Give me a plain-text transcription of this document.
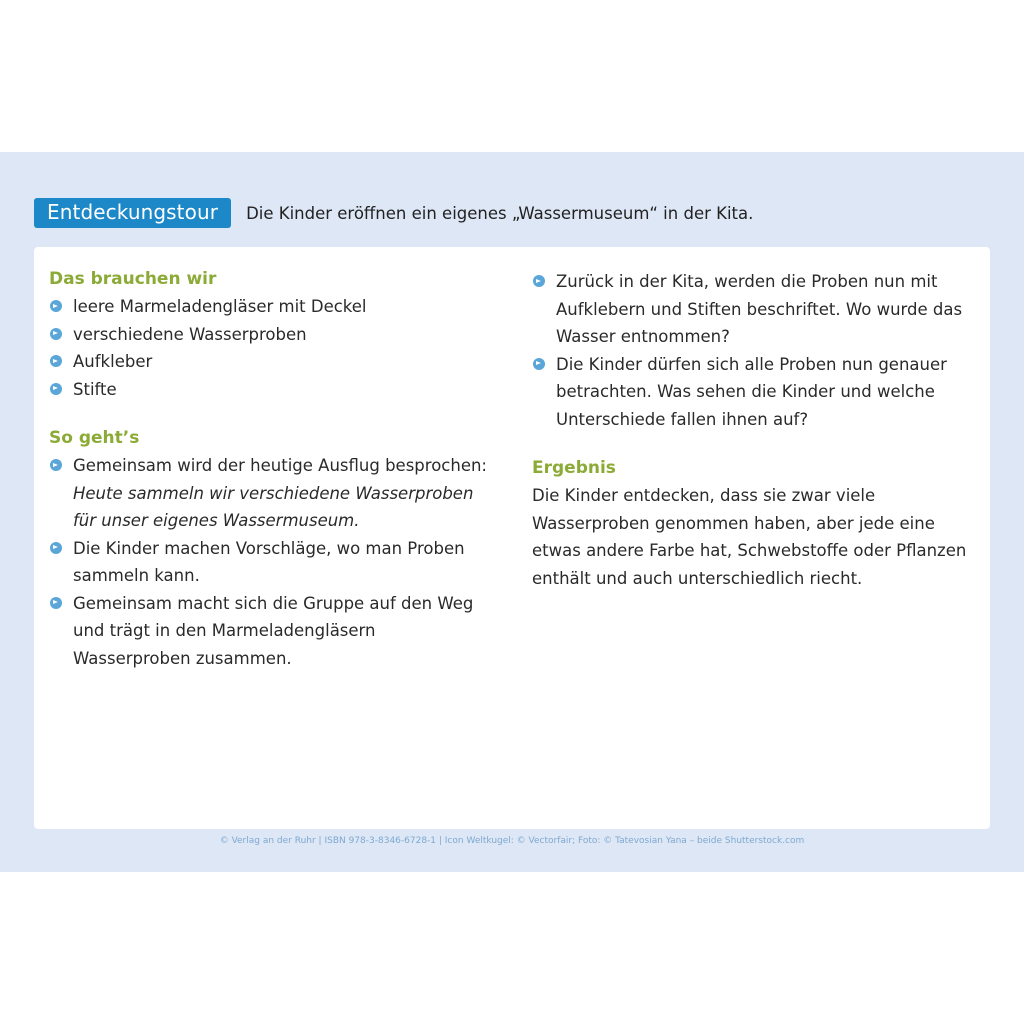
Entdeckungstour	Die Kinder eröffnen ein eigenes „Wassermuseum“ in der Kita.
Das brauchen wir
leere Marmeladengläser mit Deckel
verschiedene Wasserproben
Aufkleber
Stifte
So geht’s
Gemeinsam wird der heutige Ausflug besprochen:
Heute sammeln wir verschiedene Wasserproben
für unser eigenes Wassermuseum.
Die Kinder machen Vorschläge, wo man Proben sammeln kann.
Gemeinsam macht sich die Gruppe auf den Weg und trägt in den Marmeladengläsern Wasserproben zusammen.
Zurück in der Kita, werden die Proben nun mit Aufklebern und Stiften beschriftet. Wo wurde das Wasser entnommen?
Die Kinder dürfen sich alle Proben nun genauer betrachten. Was sehen die Kinder und welche Unterschiede fallen ihnen auf?
Ergebnis

Die Kinder entdecken, dass sie zwar viele Wasserproben genommen haben, aber jede eine etwas andere Farbe hat, Schwebstoffe oder Pflanzen enthält und auch unterschiedlich riecht.

© Verlag an der Ruhr | ISBN 978-3-8346-6728-1 | Icon Weltkugel: © Vectorfair; Foto: © Tatevosian Yana – beide Shutterstock.com
